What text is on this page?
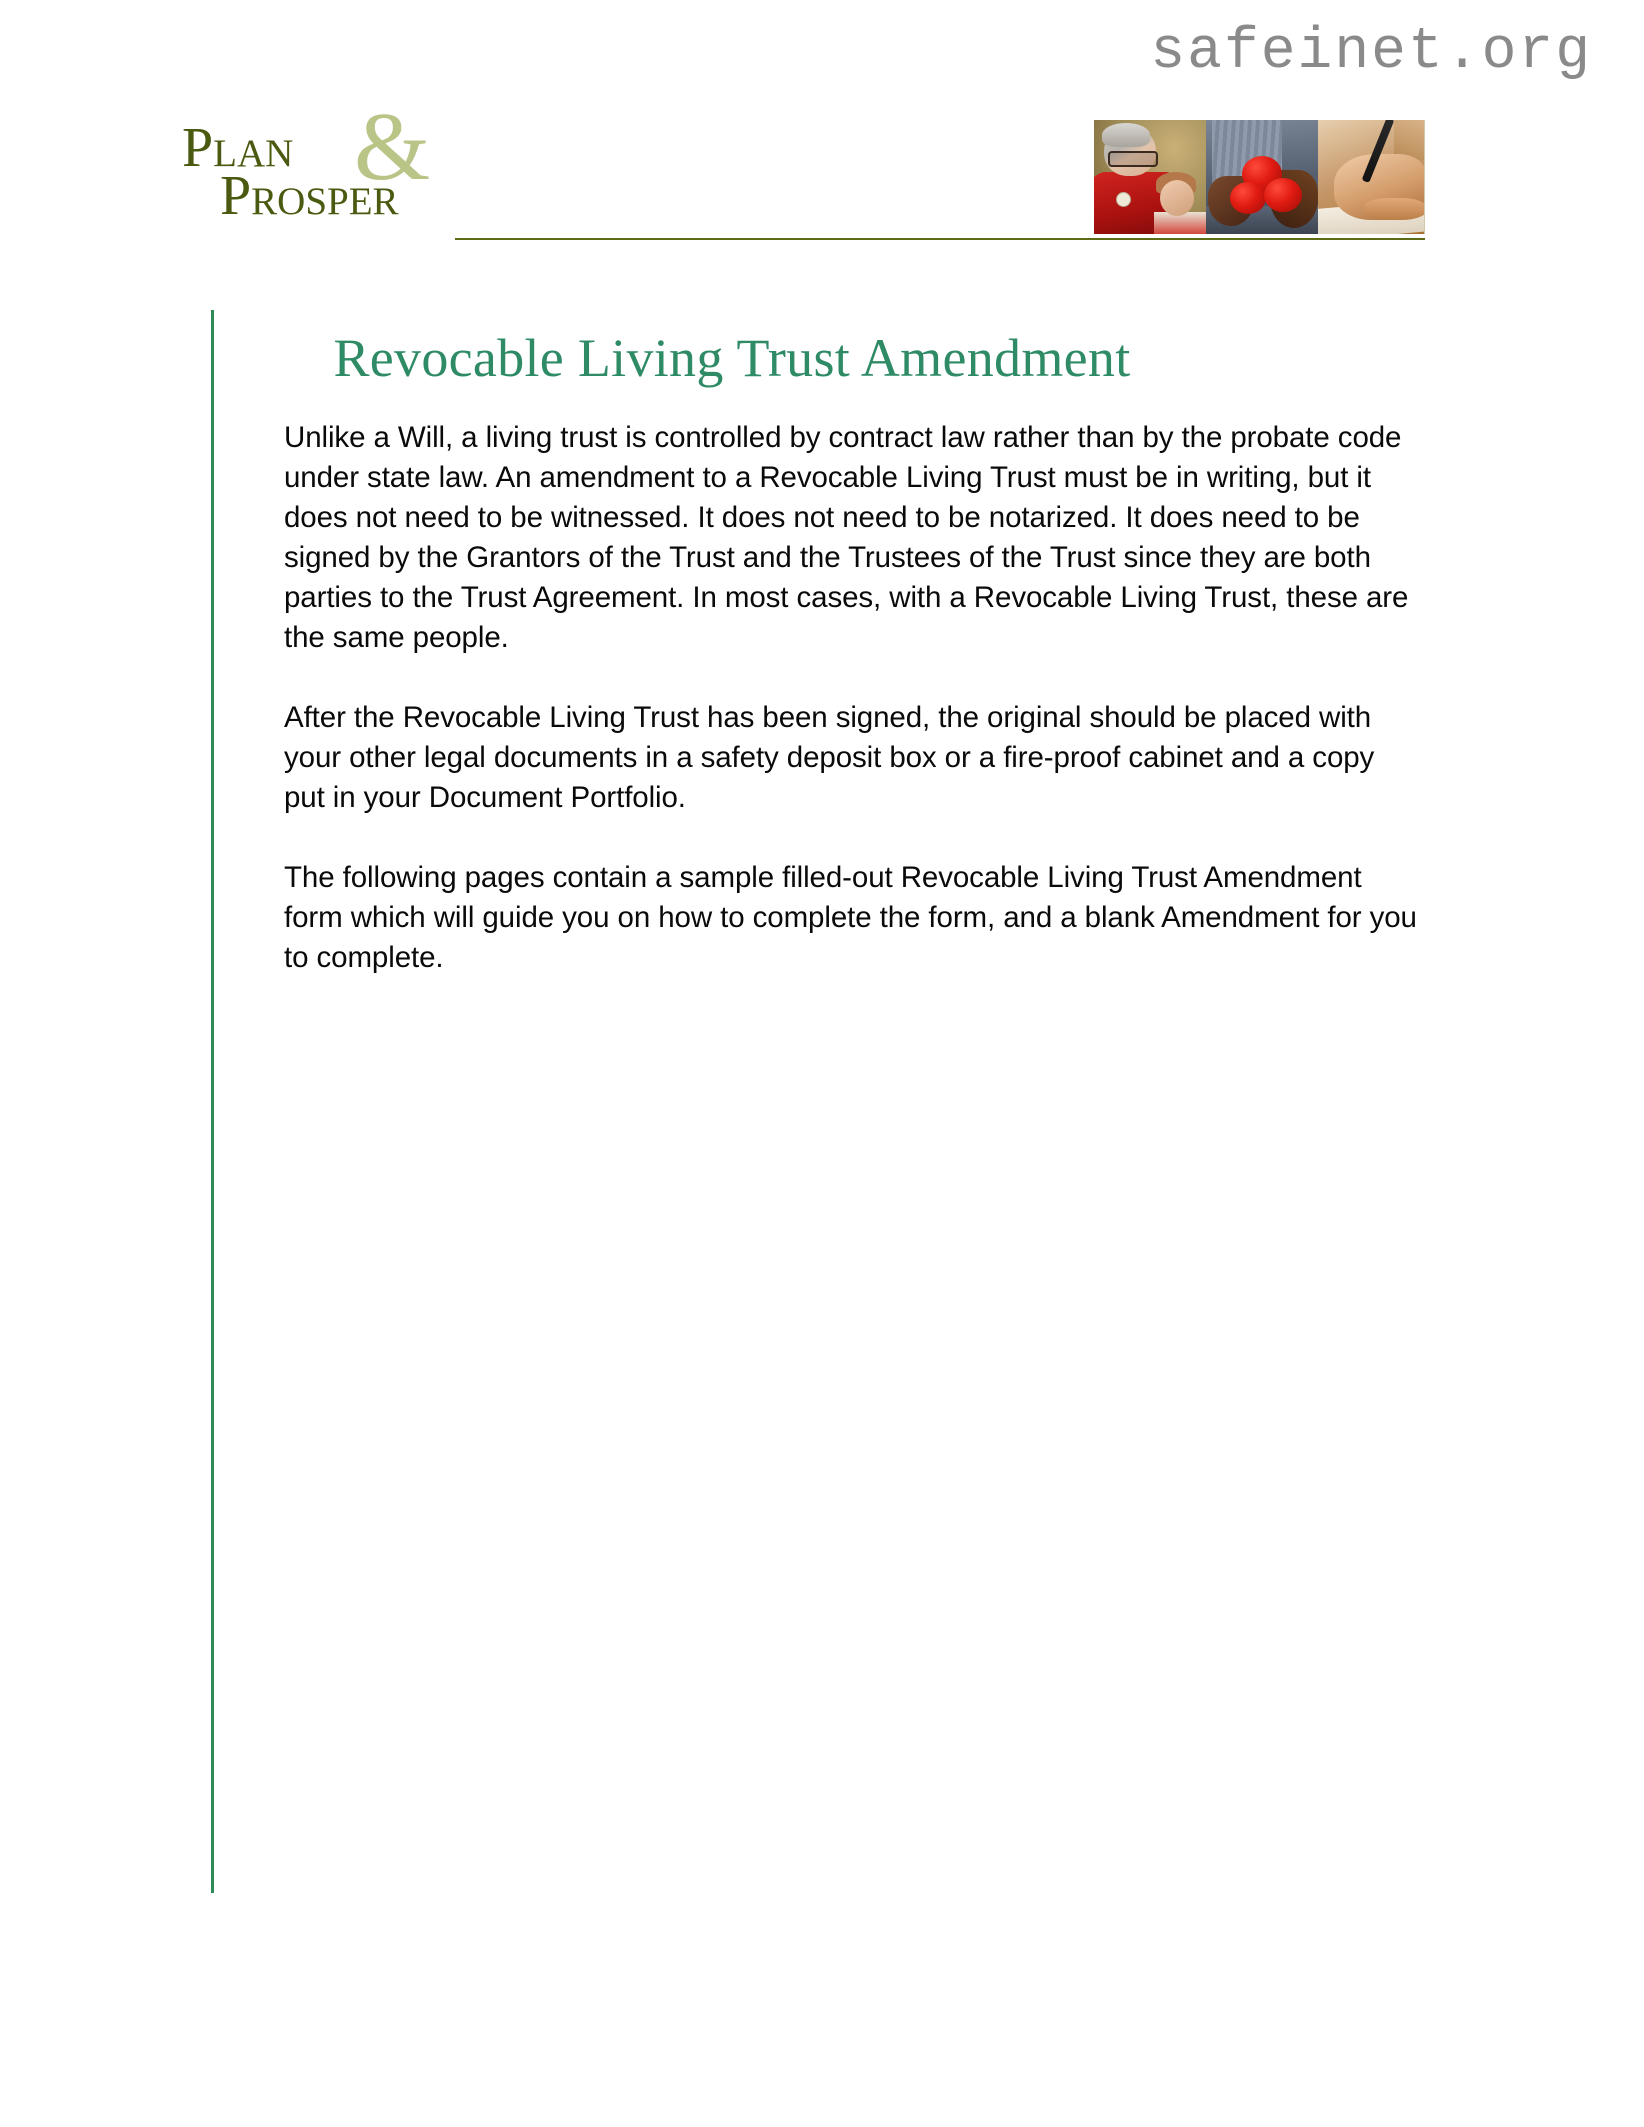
safeinet.org
Plan &
Prosper
Revocable Living Trust Amendment

Unlike a Will, a living trust is controlled by contract law rather than by the probate code under state law. An amendment to a Revocable Living Trust must be in writing, but it does not need to be witnessed. It does not need to be notarized. It does need to be signed by the Grantors of the Trust and the Trustees of the Trust since they are both parties to the Trust Agreement. In most cases, with a Revocable Living Trust, these are the same people.

After the Revocable Living Trust has been signed, the original should be placed with your other legal documents in a safety deposit box or a fire-proof cabinet and a copy put in your Document Portfolio.

The following pages contain a sample filled-out Revocable Living Trust Amendment form which will guide you on how to complete the form, and a blank Amendment for you to complete.
